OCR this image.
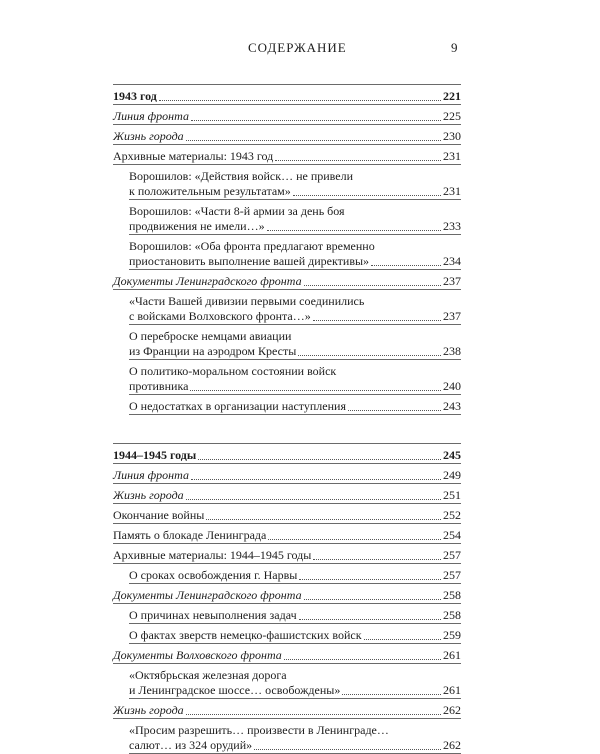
СОДЕРЖАНИЕ	9
1943 год	221
Линия фронта	225
Жизнь города	230
Архивные материалы: 1943 год	231
Ворошилов: «Действия войск… не привели
к положительным результатам»	231
Ворошилов: «Части 8-й армии за день боя
продвижения не имели…»	233
Ворошилов: «Оба фронта предлагают временно
приостановить выполнение вашей директивы»	234
Документы Ленинградского фронта	237
«Части Вашей дивизии первыми соединились
с войсками Волховского фронта…»	237
О переброске немцами авиации
из Франции на аэродром Кресты	238
О политико-моральном состоянии войск
противника	240
О недостатках в организации наступления	243
1944–1945 годы	245
Линия фронта	249
Жизнь города	251
Окончание войны	252
Память о блокаде Ленинграда	254
Архивные материалы: 1944–1945 годы	257
О сроках освобождения г. Нарвы	257
Документы Ленинградского фронта	258
О причинах невыполнения задач	258
О фактах зверств немецко-фашистских войск	259
Документы Волховского фронта	261
«Октябрьская железная дорога
и Ленинградское шоссе… освобождены»	261
Жизнь города	262
«Просим разрешить… произвести в Ленинграде…
салют… из 324 орудий»	262
